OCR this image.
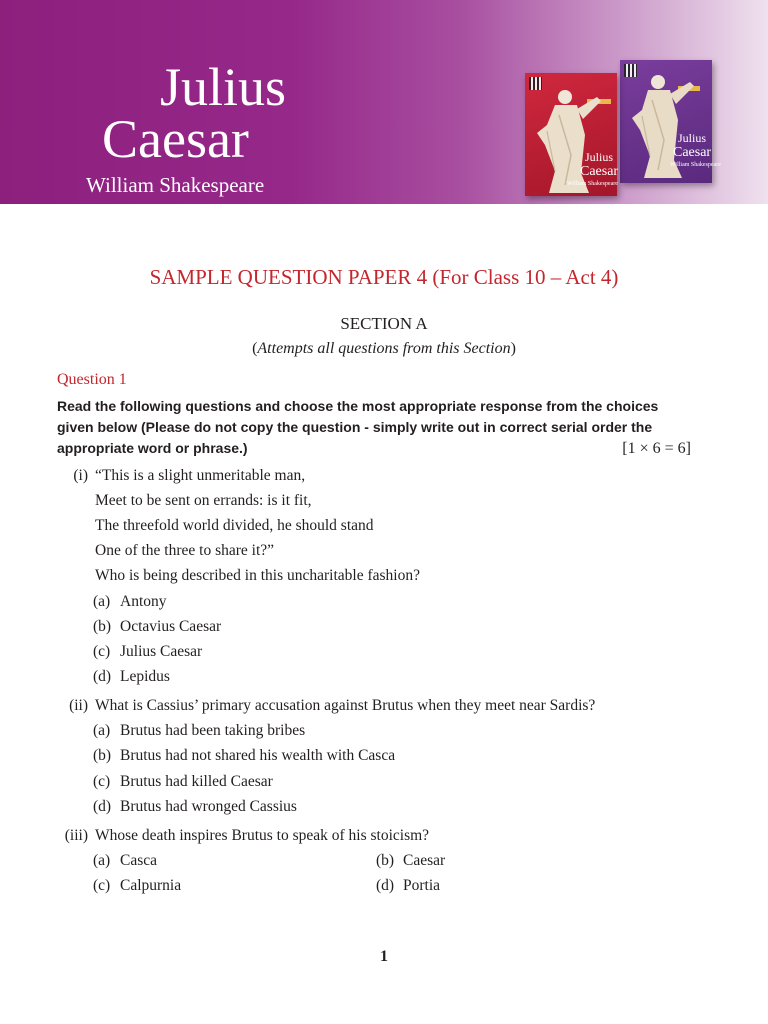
Julius
Caesar
William Shakespeare
Julius
Caesar
William Shakespeare
Julius
Caesar
William Shakespeare
SAMPLE QUESTION PAPER 4 (For Class 10 – Act 4)
SECTION A
(Attempts all questions from this Section)
Question 1
Read the following questions and choose the most appropriate response from the choices given below (Please do not copy the question - simply write out in correct serial order the appropriate word or phrase.)	[1 × 6 = 6]
(i) “This is a slight unmeritable man,
Meet to be sent on errands: is it fit,
The threefold world divided, he should stand
One of the three to share it?”
Who is being described in this uncharitable fashion?
(a) Antony
(b) Octavius Caesar
(c) Julius Caesar
(d) Lepidus
(ii) What is Cassius’ primary accusation against Brutus when they meet near Sardis?
(a) Brutus had been taking bribes
(b) Brutus had not shared his wealth with Casca
(c) Brutus had killed Caesar
(d) Brutus had wronged Cassius
(iii) Whose death inspires Brutus to speak of his stoicism?
(a) Casca	(b) Caesar
(c) Calpurnia	(d) Portia
1
